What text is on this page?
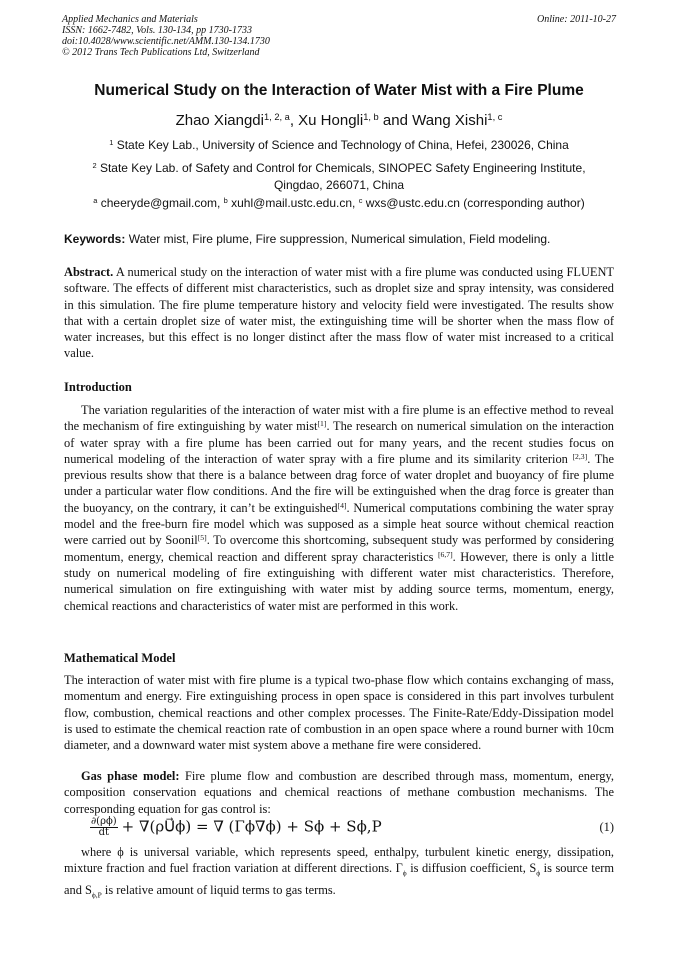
Applied Mechanics and Materials
ISSN: 1662-7482, Vols. 130-134, pp 1730-1733
doi:10.4028/www.scientific.net/AMM.130-134.1730
© 2012 Trans Tech Publications Ltd, Switzerland
Online: 2011-10-27
Numerical Study on the Interaction of Water Mist with a Fire Plume
Zhao Xiangdi$^{1, 2, a}$, Xu Hongli$^{1, b}$ and Wang Xishi$^{1, c}$
$^1$ State Key Lab., University of Science and Technology of China, Hefei, 230026, China
$^2$ State Key Lab. of Safety and Control for Chemicals, SINOPEC Safety Engineering Institute,
Qingdao, 266071, China
$^a$ cheeryde@gmail.com, $^b$ xuhl@mail.ustc.edu.cn, $^c$ wxs@ustc.edu.cn (corresponding author)
Keywords: Water mist, Fire plume, Fire suppression, Numerical simulation, Field modeling.
Abstract. A numerical study on the interaction of water mist with a fire plume was conducted using FLUENT software. The effects of different mist characteristics, such as droplet size and spray intensity, was considered in this simulation. The fire plume temperature history and velocity field were investigated. The results show that with a certain droplet size of water mist, the extinguishing time will be shorter when the mass flow of water increases, but this effect is no longer distinct after the mass flow of water mist increased to a critical value.
Introduction
The variation regularities of the interaction of water mist with a fire plume is an effective method to reveal the mechanism of fire extinguishing by water mist[1]. The research on numerical simulation on the interaction of water spray with a fire plume has been carried out for many years, and the recent studies focus on numerical modeling of the interaction of water spray with a fire plume and its similarity criterion [2,3]. The previous results show that there is a balance between drag force of water droplet and buoyancy of fire plume under a particular water flow conditions. And the fire will be extinguished when the drag force is greater than the buoyancy, on the contrary, it can’t be extinguished[4]. Numerical computations combining the water spray model and the free-burn fire model which was supposed as a simple heat source without chemical reaction were carried out by Soonil[5]. To overcome this shortcoming, subsequent study was performed by considering momentum, energy, chemical reaction and different spray characteristics [6,7]. However, there is only a little study on numerical modeling of fire extinguishing with different water mist characteristics. Therefore, numerical simulation on fire extinguishing with water mist by adding source terms, momentum, energy, chemical reactions and characteristics of water mist are performed in this work.
Mathematical Model
The interaction of water mist with fire plume is a typical two-phase flow which contains exchanging of mass, momentum and energy. Fire extinguishing process in open space is considered in this part involves turbulent flow, combustion, chemical reactions and other complex processes. The Finite-Rate/Eddy-Dissipation model is used to estimate the chemical reaction rate of combustion in an open space where a round burner with 10cm diameter, and a downward water mist system above a methane fire were considered.
Gas phase model: Fire plume flow and combustion are described through mass, momentum, energy, composition conservation equations and chemical reactions of methane combustion mechanisms. The corresponding equation for gas control is:
$\frac{\partial(\rho\phi)}{dt}$ + ∇(ρU⃗ϕ) = ∇ (Γϕ∇ϕ) + Sϕ + Sϕ,P	(1)
where ϕ is universal variable, which represents speed, enthalpy, turbulent kinetic energy, dissipation, mixture fraction and fuel fraction variation at different directions. $\Gamma_\phi$ is diffusion coefficient, $S_\phi$ is source term and $S_{\phi,P}$ is relative amount of liquid terms to gas terms.
